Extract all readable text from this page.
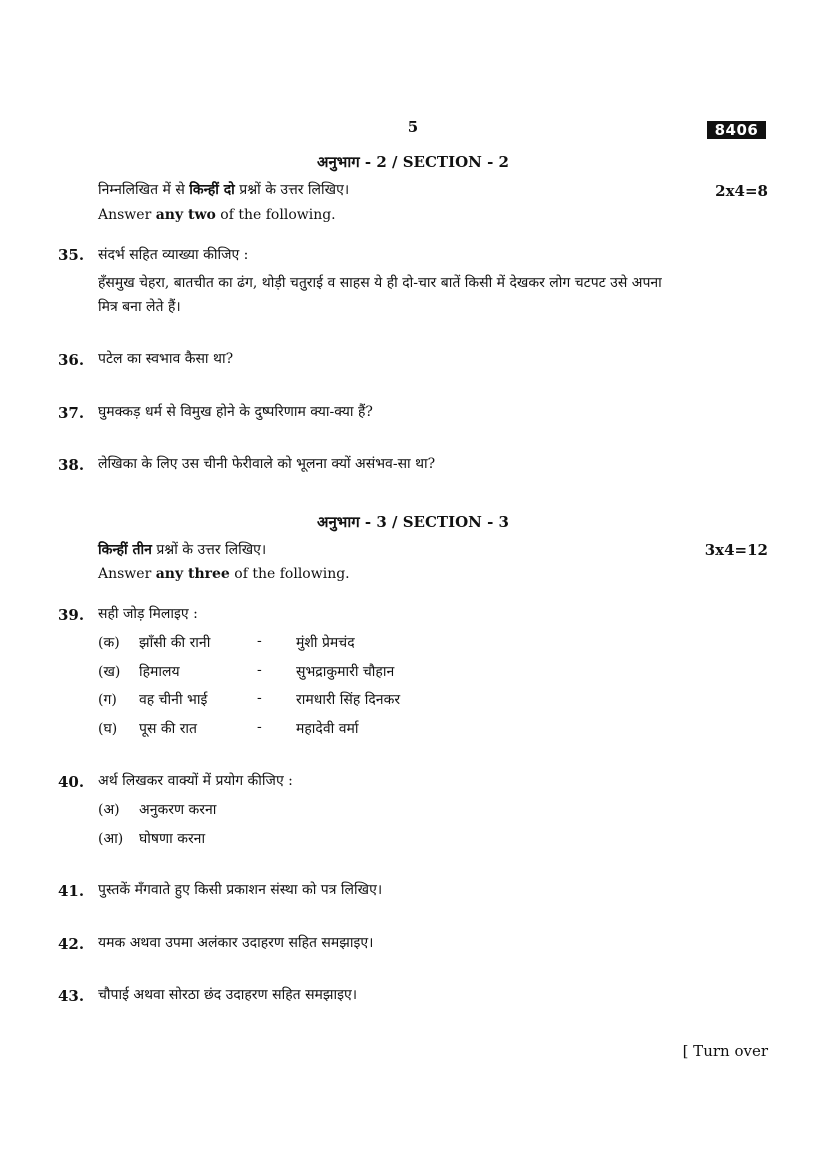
5	8406
अनुभाग - 2 / SECTION - 2
निम्नलिखित में से किन्हीं दो प्रश्नों के उत्तर लिखिए।	2x4=8
Answer any two of the following.
35. संदर्भ सहित व्याख्या कीजिए :
हँसमुख चेहरा, बातचीत का ढंग, थोड़ी चतुराई व साहस ये ही दो-चार बातें किसी में देखकर लोग चटपट उसे अपना
मित्र बना लेते हैं।
36. पटेल का स्वभाव कैसा था?
37. घुमक्कड़ धर्म से विमुख होने के दुष्परिणाम क्या-क्या हैं?
38. लेखिका के लिए उस चीनी फेरीवाले को भूलना क्यों असंभव-सा था?
अनुभाग - 3 / SECTION - 3
किन्हीं तीन प्रश्नों के उत्तर लिखिए।	3x4=12
Answer any three of the following.
39. सही जोड़ मिलाइए :
(क) झाँसी की रानी	- मुंशी प्रेमचंद
(ख) हिमालय	- सुभद्राकुमारी चौहान
(ग) वह चीनी भाई	- रामधारी सिंह दिनकर
(घ) पूस की रात	- महादेवी वर्मा
40. अर्थ लिखकर वाक्यों में प्रयोग कीजिए :
(अ) अनुकरण करना
(आ) घोषणा करना
41. पुस्तकें मँगवाते हुए किसी प्रकाशन संस्था को पत्र लिखिए।
42. यमक अथवा उपमा अलंकार उदाहरण सहित समझाइए।
43. चौपाई अथवा सोरठा छंद उदाहरण सहित समझाइए।
[ Turn over
